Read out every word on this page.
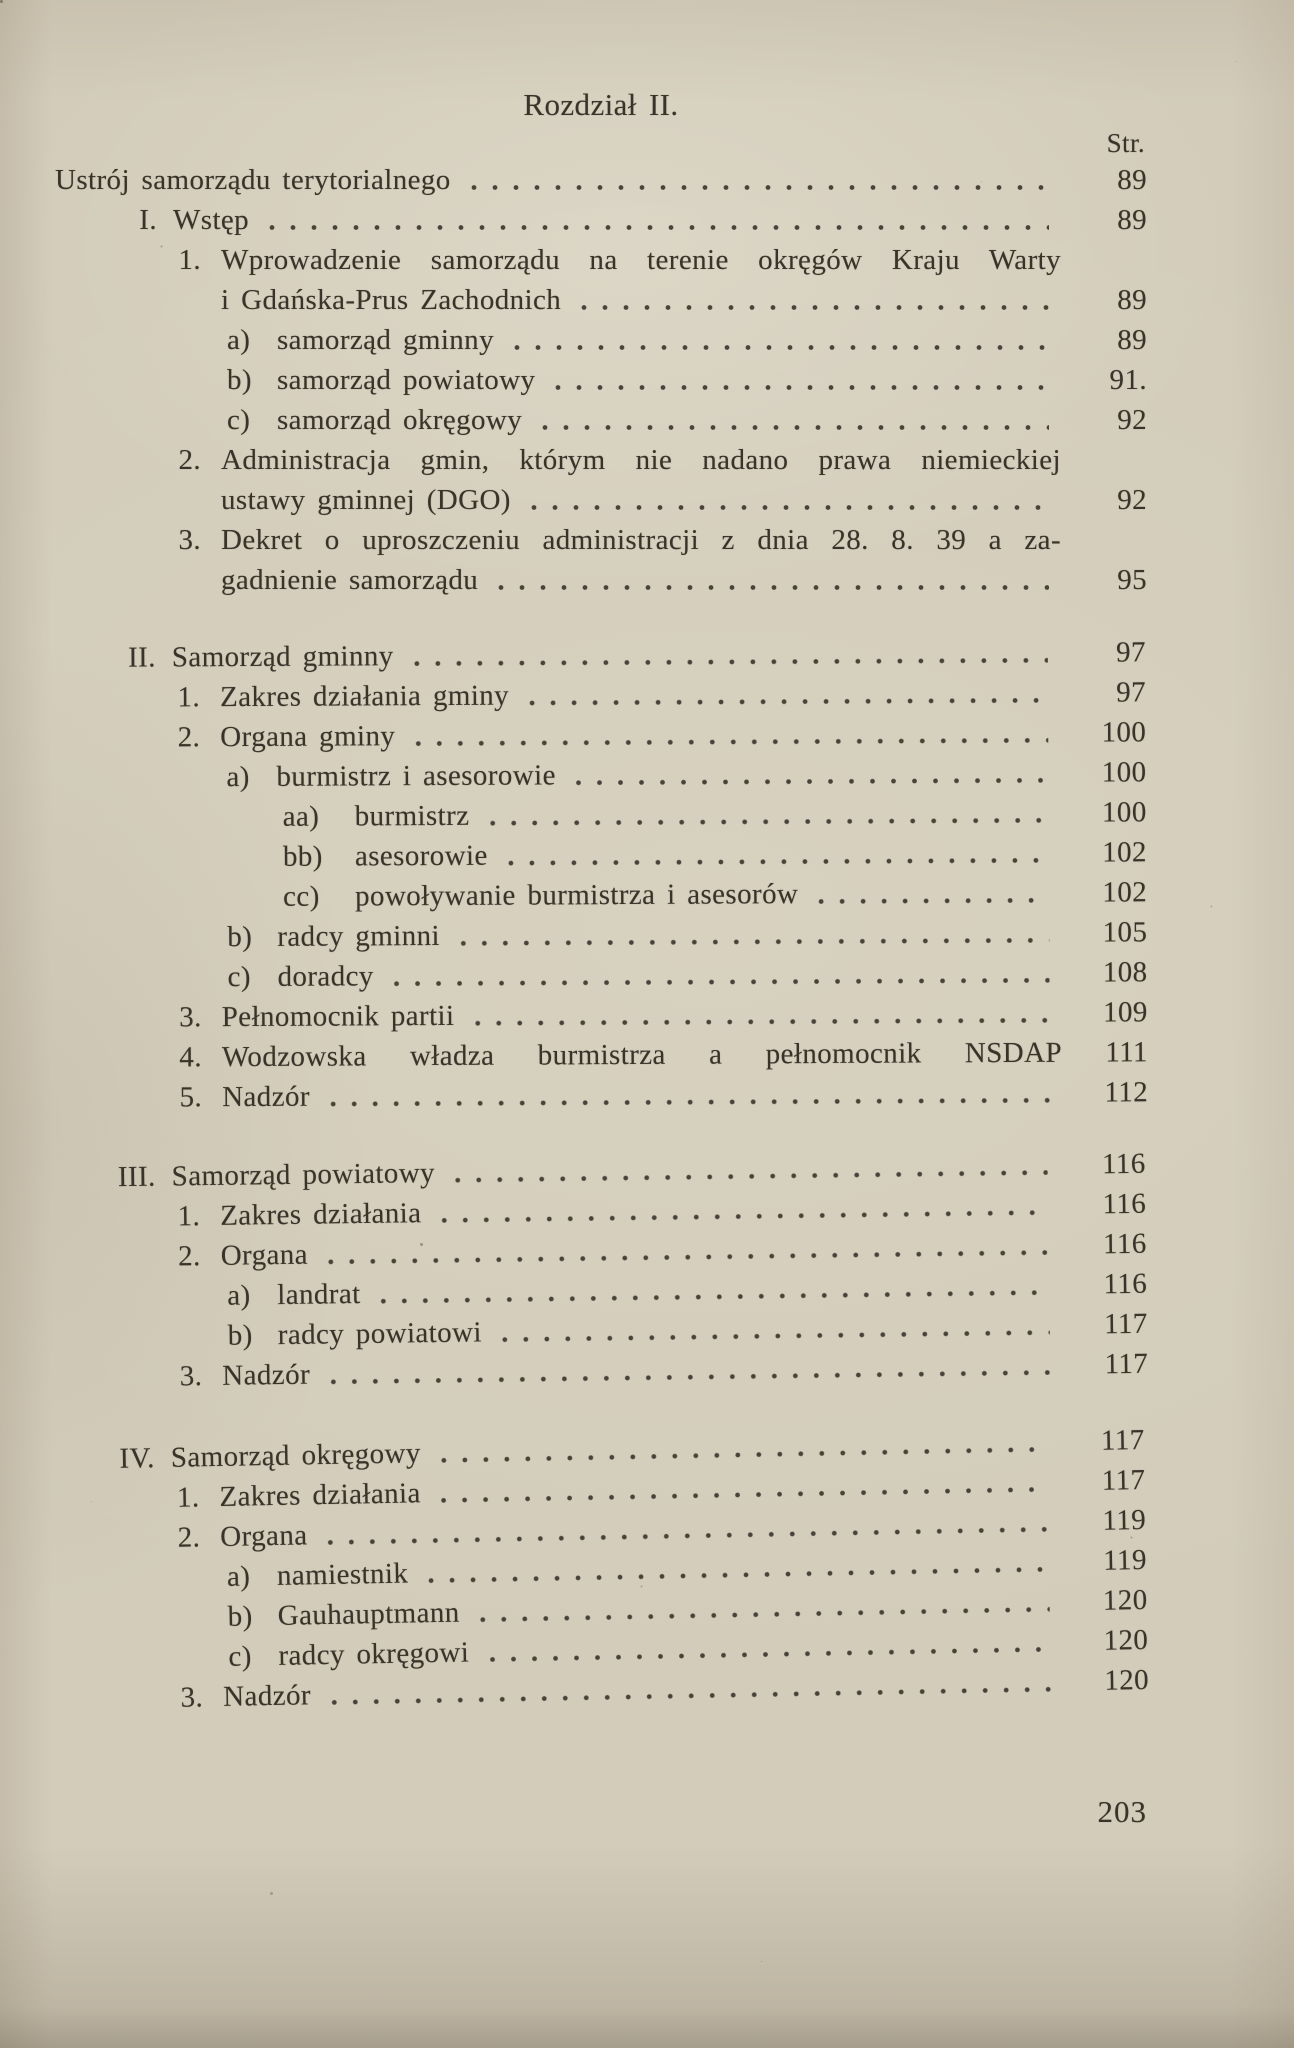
Rozdział II.
Str.
Ustrój samorządu terytorialnego	89
I. Wstęp	89
1. Wprowadzenie samorządu na terenie okręgów Kraju Warty
i Gdańska-Prus Zachodnich	89
a) samorząd gminny	89
b) samorząd powiatowy	91.
c) samorząd okręgowy	92
2. Administracja gmin, którym nie nadano prawa niemieckiej
ustawy gminnej (DGO)	92
3. Dekret o uproszczeniu administracji z dnia 28. 8. 39 a za-
gadnienie samorządu	95
II. Samorząd gminny	97
1. Zakres działania gminy	97
2. Organa gminy	100
a) burmistrz i asesorowie	100
aa)	burmistrz	100
bb)	asesorowie	102
cc)	powoływanie burmistrza i asesorów	102
b) radcy gminni	105
c) doradcy	108
3. Pełnomocnik partii	109
4. Wodzowska władza burmistrza a pełnomocnik NSDAP	111
5. Nadzór	112
III. Samorząd powiatowy	116
1. Zakres działania	116
2. Organa	116
a) landrat	116
b) radcy powiatowi	117
3. Nadzór	117
IV. Samorząd okręgowy	117
1. Zakres działania	117
2. Organa	119
a) namiestnik	119
b) Gauhauptmann	120
c) radcy okręgowi	120
3. Nadzór	120
203
